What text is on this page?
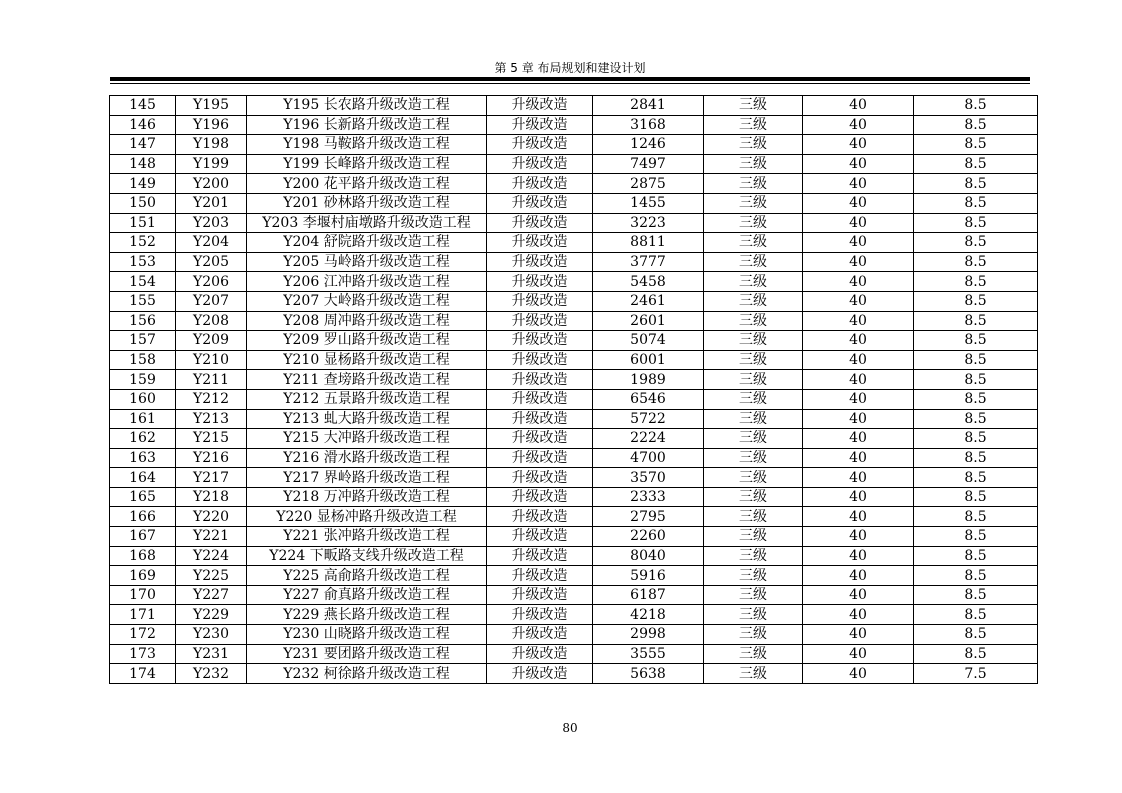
第 5 章 布局规划和建设计划
145	Y195	Y195 长农路升级改造工程	升级改造	2841	三级	40	8.5
146	Y196	Y196 长新路升级改造工程	升级改造	3168	三级	40	8.5
147	Y198	Y198 马鞍路升级改造工程	升级改造	1246	三级	40	8.5
148	Y199	Y199 长峰路升级改造工程	升级改造	7497	三级	40	8.5
149	Y200	Y200 花平路升级改造工程	升级改造	2875	三级	40	8.5
150	Y201	Y201 砂林路升级改造工程	升级改造	1455	三级	40	8.5
151	Y203	Y203 李堰村庙墩路升级改造工程	升级改造	3223	三级	40	8.5
152	Y204	Y204 舒院路升级改造工程	升级改造	8811	三级	40	8.5
153	Y205	Y205 马岭路升级改造工程	升级改造	3777	三级	40	8.5
154	Y206	Y206 江冲路升级改造工程	升级改造	5458	三级	40	8.5
155	Y207	Y207 大岭路升级改造工程	升级改造	2461	三级	40	8.5
156	Y208	Y208 周冲路升级改造工程	升级改造	2601	三级	40	8.5
157	Y209	Y209 罗山路升级改造工程	升级改造	5074	三级	40	8.5
158	Y210	Y210 显杨路升级改造工程	升级改造	6001	三级	40	8.5
159	Y211	Y211 查塝路升级改造工程	升级改造	1989	三级	40	8.5
160	Y212	Y212 五景路升级改造工程	升级改造	6546	三级	40	8.5
161	Y213	Y213 虬大路升级改造工程	升级改造	5722	三级	40	8.5
162	Y215	Y215 大冲路升级改造工程	升级改造	2224	三级	40	8.5
163	Y216	Y216 滑水路升级改造工程	升级改造	4700	三级	40	8.5
164	Y217	Y217 界岭路升级改造工程	升级改造	3570	三级	40	8.5
165	Y218	Y218 万冲路升级改造工程	升级改造	2333	三级	40	8.5
166	Y220	Y220 显杨冲路升级改造工程	升级改造	2795	三级	40	8.5
167	Y221	Y221 张冲路升级改造工程	升级改造	2260	三级	40	8.5
168	Y224	Y224 下畈路支线升级改造工程	升级改造	8040	三级	40	8.5
169	Y225	Y225 高俞路升级改造工程	升级改造	5916	三级	40	8.5
170	Y227	Y227 俞真路升级改造工程	升级改造	6187	三级	40	8.5
171	Y229	Y229 燕长路升级改造工程	升级改造	4218	三级	40	8.5
172	Y230	Y230 山晓路升级改造工程	升级改造	2998	三级	40	8.5
173	Y231	Y231 要团路升级改造工程	升级改造	3555	三级	40	8.5
174	Y232	Y232 柯徐路升级改造工程	升级改造	5638	三级	40	7.5
80
